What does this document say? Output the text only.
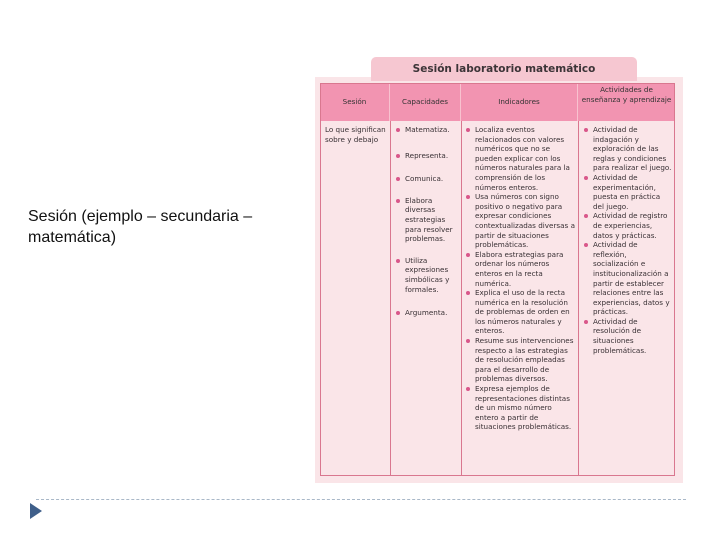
Sesión (ejemplo – secundaria – matemática)
Sesión laboratorio matemático
Sesión	Capacidades	Indicadores
Actividades de enseñanza y aprendizaje
Lo que significan sobre y debajo
Matematiza.
Representa.
Comunica.
Elabora diversas estrategias para resolver problemas.
Utiliza expresiones simbólicas y formales.
Argumenta.
Localiza eventos relacionados con valores numéricos que no se pueden explicar con los números naturales para la comprensión de los números enteros.
Usa números con signo positivo o negativo para expresar condiciones contextualizadas diversas a partir de situaciones problemáticas.
Elabora estrategias para ordenar los números enteros en la recta numérica.
Explica el uso de la recta numérica en la resolución de problemas de orden en los números naturales y enteros.
Resume sus intervenciones respecto a las estrategias de resolución empleadas para el desarrollo de problemas diversos.
Expresa ejemplos de representaciones distintas de un mismo número entero a partir de situaciones problemáticas.
Actividad de indagación y exploración de las reglas y condiciones para realizar el juego.
Actividad de experimentación, puesta en práctica del juego.
Actividad de registro de experiencias, datos y prácticas.
Actividad de reflexión, socialización e institucionalización a partir de establecer relaciones entre las experiencias, datos y prácticas.
Actividad de resolución de situaciones problemáticas.
